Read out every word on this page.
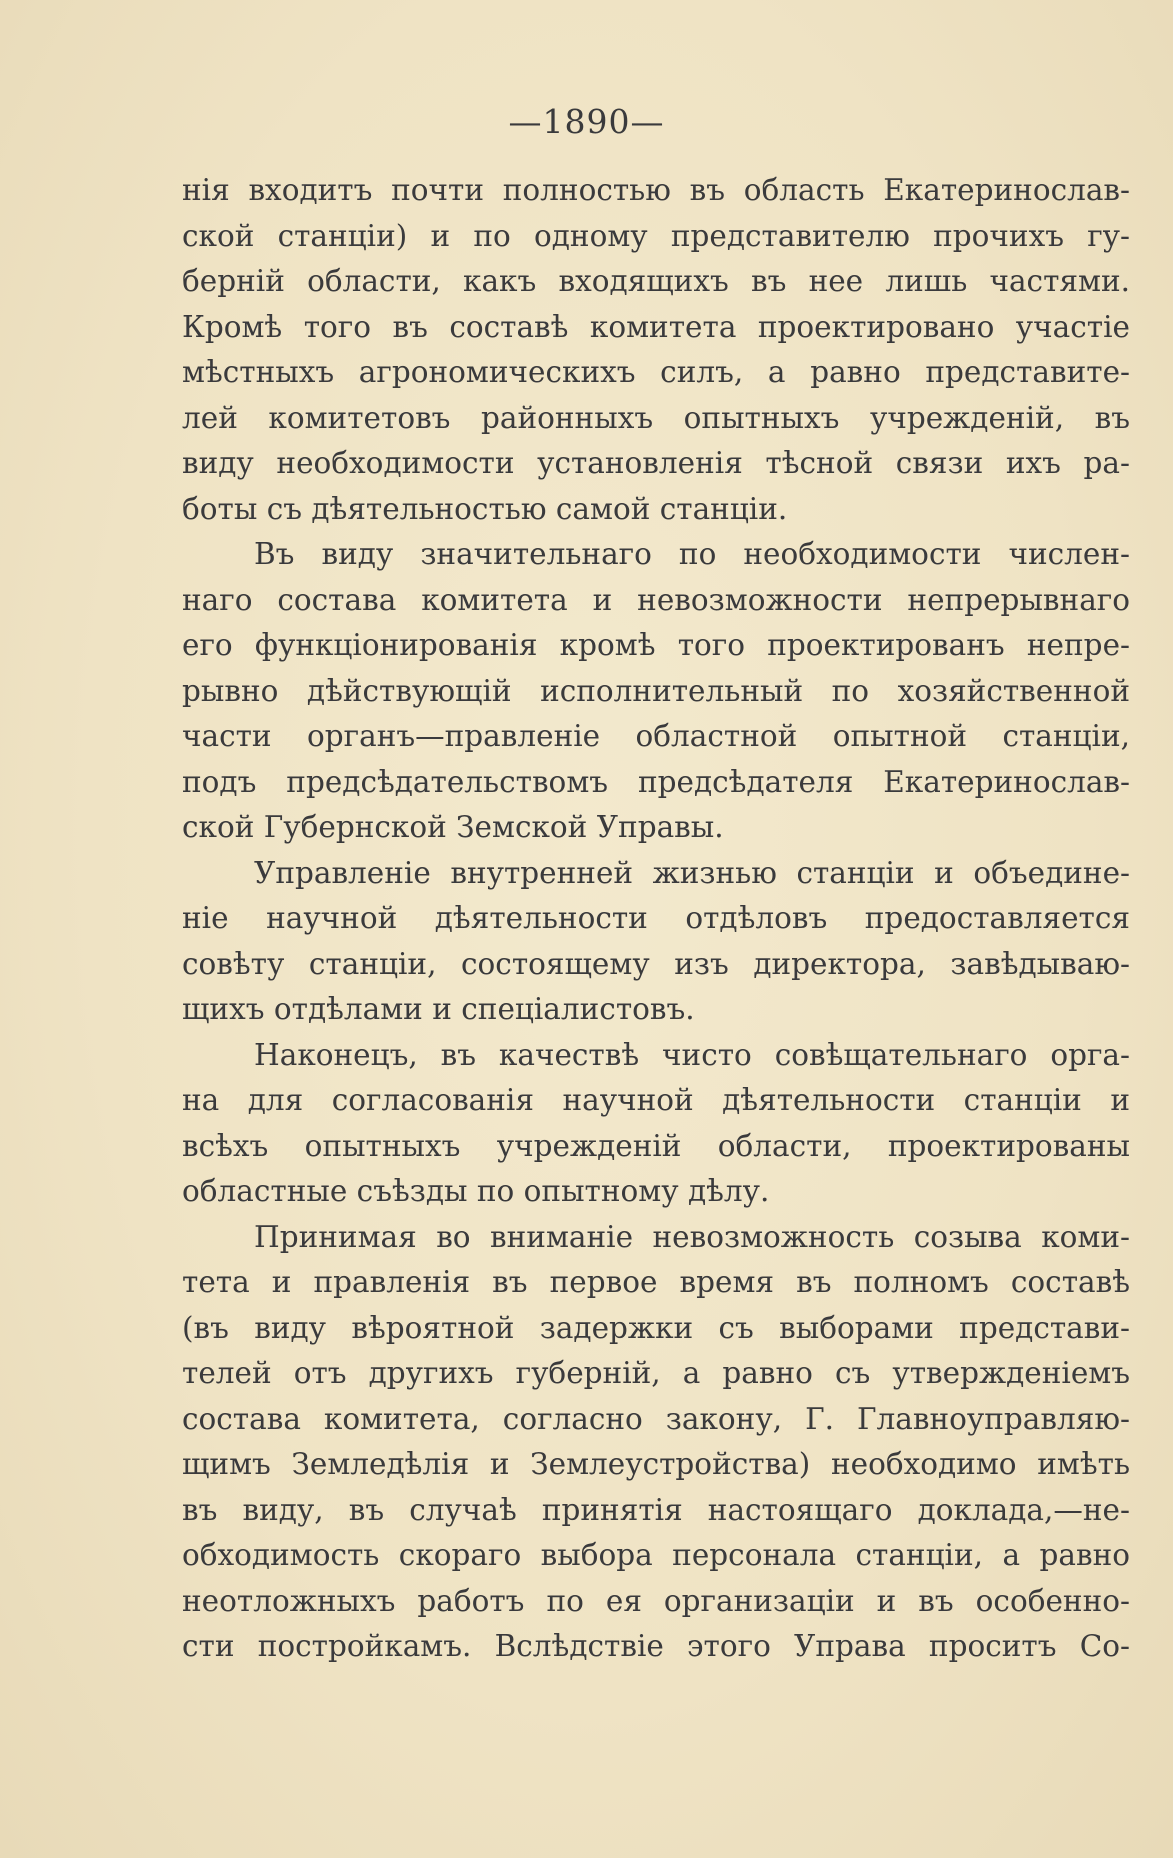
—1890—
нія входитъ почти полностью въ область Екатеринослав-
ской станціи) и по одному представителю прочихъ гу-
берній области, какъ входящихъ въ нее лишь частями.
Кромѣ того въ составѣ комитета проектировано участіе
мѣстныхъ агрономическихъ силъ, а равно представите-
лей комитетовъ районныхъ опытныхъ учрежденій, въ
виду необходимости установленія тѣсной связи ихъ ра-
боты съ дѣятельностью самой станціи.
Въ виду значительнаго по необходимости числен-
наго состава комитета и невозможности непрерывнаго
его функціонированія кромѣ того проектированъ непре-
рывно дѣйствующій исполнительный по хозяйственной
части органъ—правленіе областной опытной станціи,
подъ предсѣдательствомъ предсѣдателя Екатеринослав-
ской Губернской Земской Управы.
Управленіе внутренней жизнью станціи и объедине-
ніе научной дѣятельности отдѣловъ предоставляется
совѣту станціи, состоящему изъ директора, завѣдываю-
щихъ отдѣлами и спеціалистовъ.
Наконецъ, въ качествѣ чисто совѣщательнаго орга-
на для согласованія научной дѣятельности станціи и
всѣхъ опытныхъ учрежденій области, проектированы
областные съѣзды по опытному дѣлу.
Принимая во вниманіе невозможность созыва коми-
тета и правленія въ первое время въ полномъ составѣ
(въ виду вѣроятной задержки съ выборами представи-
телей отъ другихъ губерній, а равно съ утвержденіемъ
состава комитета, согласно закону, Г. Главноуправляю-
щимъ Земледѣлія и Землеустройства) необходимо имѣть
въ виду, въ случаѣ принятія настоящаго доклада,—не-
обходимость скораго выбора персонала станціи, а равно
неотложныхъ работъ по ея организаціи и въ особенно-
сти постройкамъ. Вслѣдствіе этого Управа проситъ Со-
